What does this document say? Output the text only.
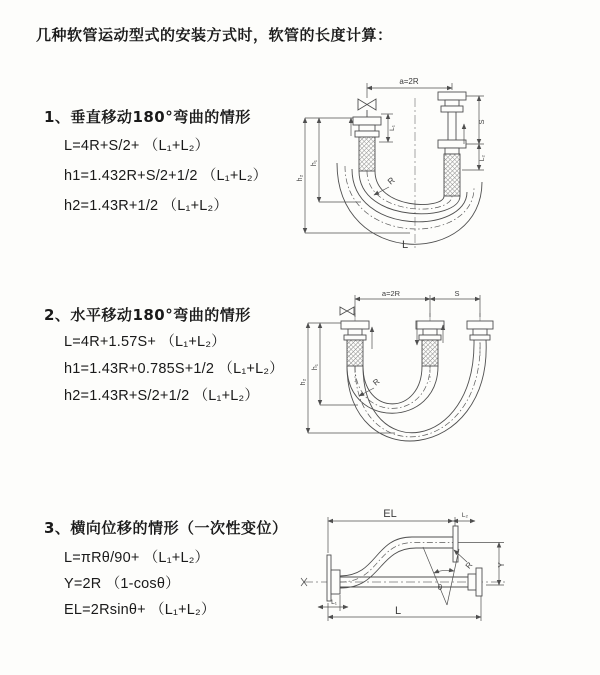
几种软管运动型式的安装方式时，软管的长度计算：
1、垂直移动180°弯曲的情形
L=4R+S/2+ （L₁+L₂）
h1=1.432R+S/2+1/2 （L₁+L₂）
h2=1.43R+1/2 （L₁+L₂）
a=2R
h₁
h₂
L₁
S
L₂
R
L
2、水平移动180°弯曲的情形
L=4R+1.57S+ （L₁+L₂）
h1=1.43R+0.785S+1/2 （L₁+L₂）
h2=1.43R+S/2+1/2 （L₁+L₂）
a=2R	S
h₁
h₂	R
3、横向位移的情形（一次性变位）
L=πRθ/90+ （L₁+L₂）
Y=2R （1-cosθ）
EL=2Rsinθ+ （L₁+L₂）
EL	L₂
Y
L
L₁
R
θ
